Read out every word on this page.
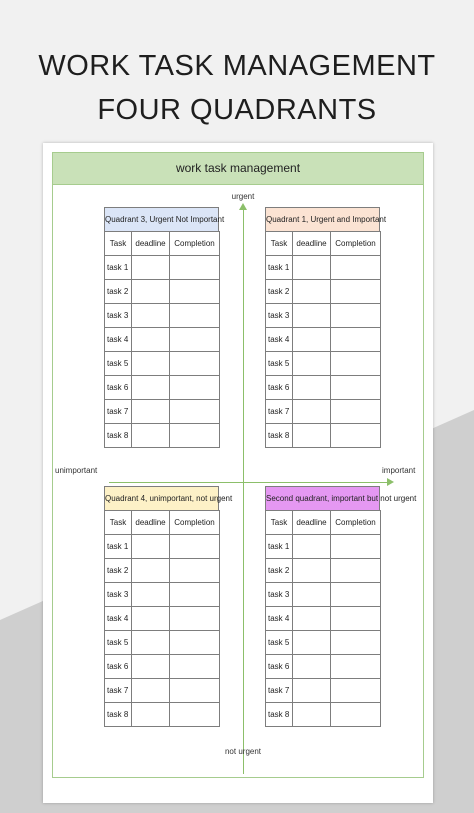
WORK TASK MANAGEMENT
FOUR QUADRANTS
work task management
urgent
not urgent
unimportant	important
Quadrant 3, Urgent Not Important
Task	deadline	Completion
task 1		
task 2		
task 3		
task 4		
task 5		
task 6		
task 7		
task 8		
Quadrant 1, Urgent and Important
Task	deadline	Completion
task 1		
task 2		
task 3		
task 4		
task 5		
task 6		
task 7		
task 8		
Quadrant 4, unimportant, not urgent
Task	deadline	Completion
task 1		
task 2		
task 3		
task 4		
task 5		
task 6		
task 7		
task 8		
Second quadrant, important but not urgent
Task	deadline	Completion
task 1		
task 2		
task 3		
task 4		
task 5		
task 6		
task 7		
task 8		
